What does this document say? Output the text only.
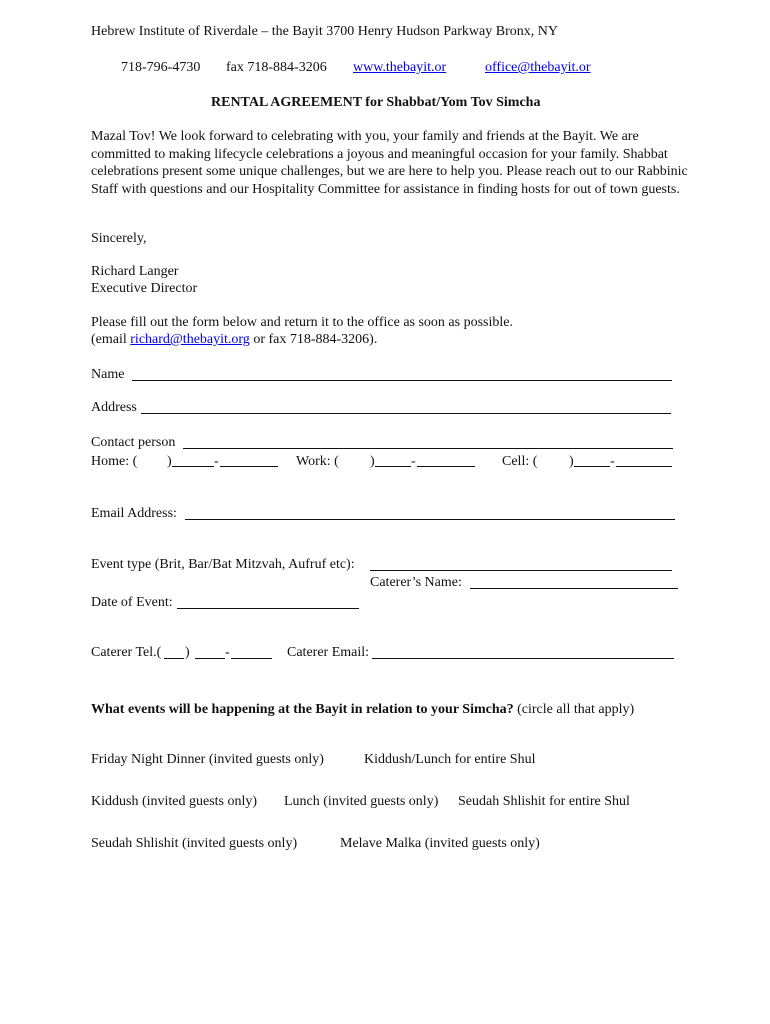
Hebrew Institute of Riverdale – the Bayit 3700 Henry Hudson Parkway Bronx, NY
718-796-4730 fax 718-884-3206 www.thebayit.or	office@thebayit.or
RENTAL AGREEMENT for Shabbat/Yom Tov Simcha
Mazal Tov! We look forward to celebrating with you, your family and friends at the Bayit. We are committed to making lifecycle celebrations a joyous and meaningful occasion for your family. Shabbat celebrations present some unique challenges, but we are here to help you. Please reach out to our Rabbinic Staff with questions and our Hospitality Committee for assistance in finding hosts for out of town guests.
Sincerely,
Richard Langer
Executive Director
Please fill out the form below and return it to the office as soon as possible.
(email richard@thebayit.org or fax 718-884-3206).
Name
Address
Contact person
Home: ( )	-	Work: ( )	-	Cell: ( )	-
Email Address:
Event type (Brit, Bar/Bat Mitzvah, Aufruf etc):
Caterer’s Name:
Date of Event:
Caterer Tel.( )	-	Caterer Email:
What events will be happening at the Bayit in relation to your Simcha? (circle all that apply)
Friday Night Dinner (invited guests only)	Kiddush/Lunch for entire Shul
Kiddush (invited guests only) Lunch (invited guests only) Seudah Shlishit for entire Shul
Seudah Shlishit (invited guests only)	Melave Malka (invited guests only)
